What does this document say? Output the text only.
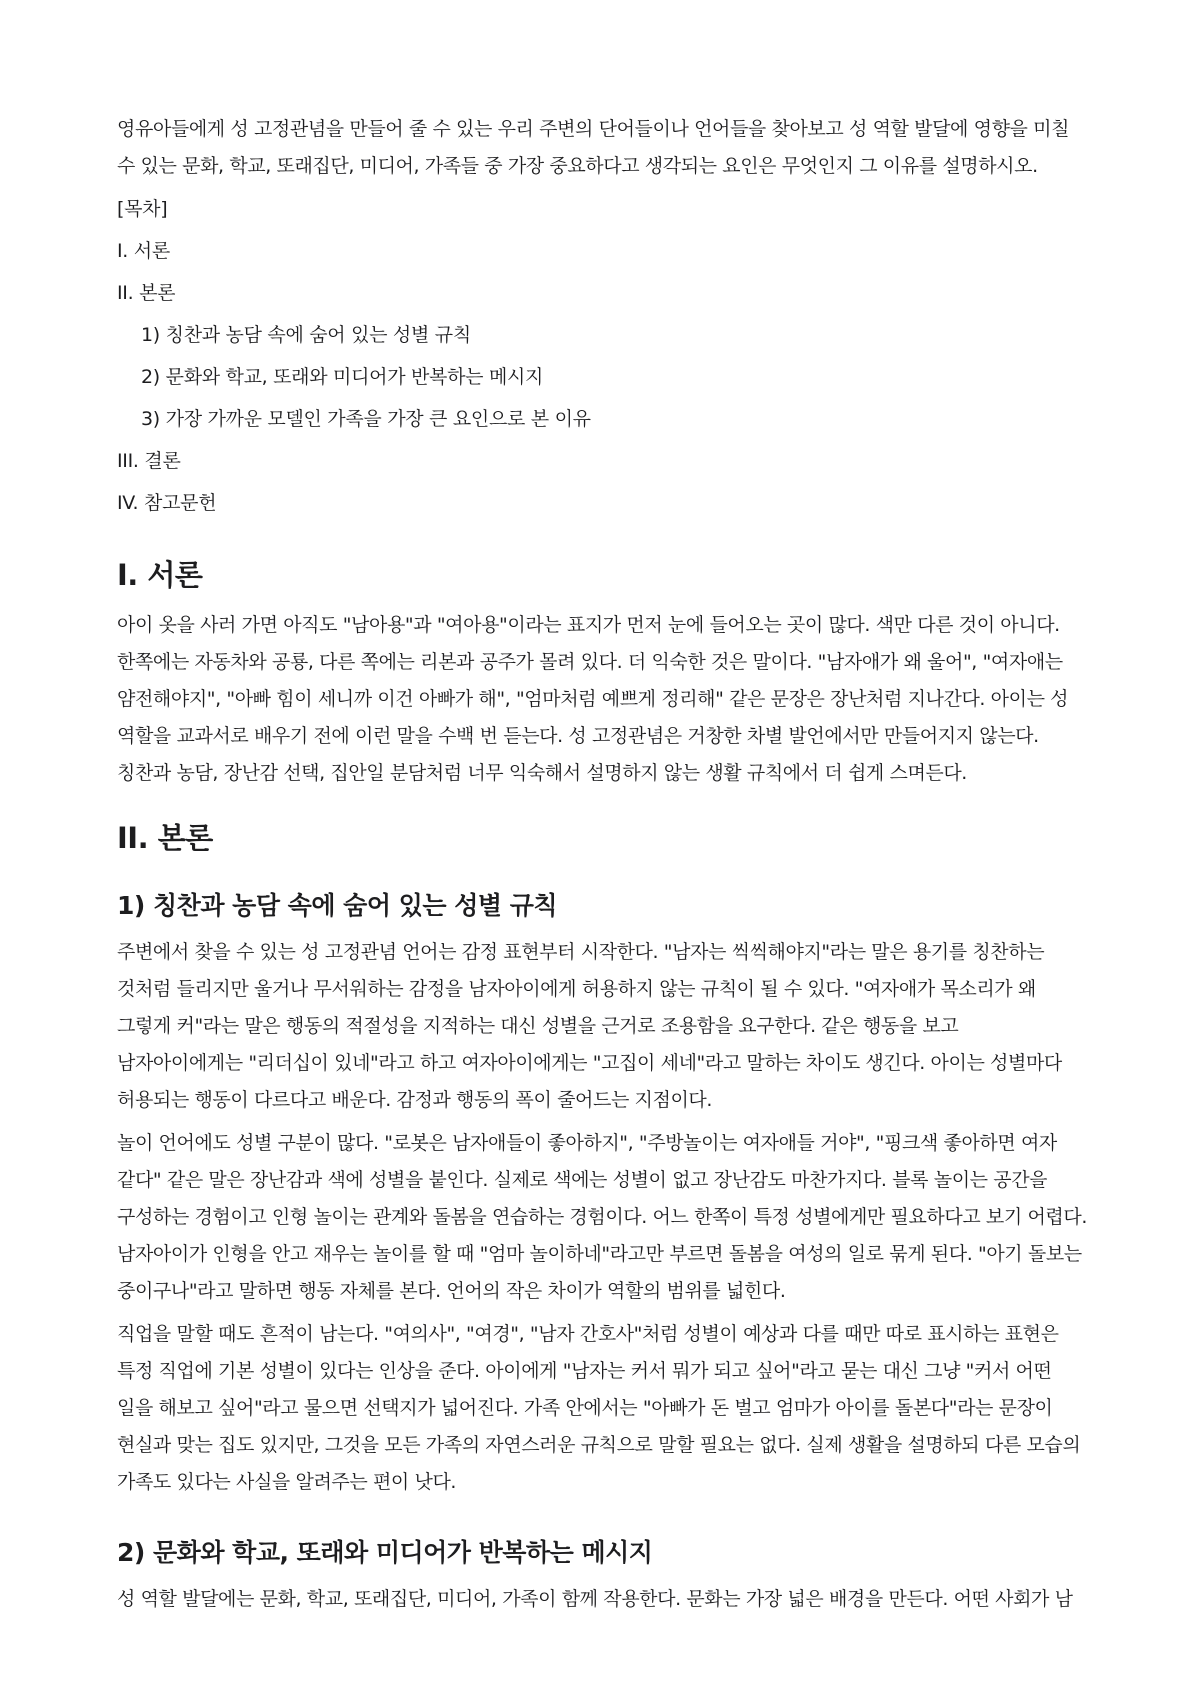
영유아들에게 성 고정관념을 만들어 줄 수 있는 우리 주변의 단어들이나 언어들을 찾아보고 성 역할 발달에 영향을 미칠 수 있는 문화, 학교, 또래집단, 미디어, 가족들 중 가장 중요하다고 생각되는 요인은 무엇인지 그 이유를 설명하시오.

[목차]
I. 서론
II. 본론
1) 칭찬과 농담 속에 숨어 있는 성별 규칙
2) 문화와 학교, 또래와 미디어가 반복하는 메시지
3) 가장 가까운 모델인 가족을 가장 큰 요인으로 본 이유
III. 결론
IV. 참고문헌
I. 서론

아이 옷을 사러 가면 아직도 "남아용"과 "여아용"이라는 표지가 먼저 눈에 들어오는 곳이 많다. 색만 다른 것이 아니다. 한쪽에는 자동차와 공룡, 다른 쪽에는 리본과 공주가 몰려 있다. 더 익숙한 것은 말이다. "남자애가 왜 울어", "여자애는 얌전해야지", "아빠 힘이 세니까 이건 아빠가 해", "엄마처럼 예쁘게 정리해" 같은 문장은 장난처럼 지나간다. 아이는 성 역할을 교과서로 배우기 전에 이런 말을 수백 번 듣는다. 성 고정관념은 거창한 차별 발언에서만 만들어지지 않는다. 칭찬과 농담, 장난감 선택, 집안일 분담처럼 너무 익숙해서 설명하지 않는 생활 규칙에서 더 쉽게 스며든다.

II. 본론
1) 칭찬과 농담 속에 숨어 있는 성별 규칙

주변에서 찾을 수 있는 성 고정관념 언어는 감정 표현부터 시작한다. "남자는 씩씩해야지"라는 말은 용기를 칭찬하는 것처럼 들리지만 울거나 무서워하는 감정을 남자아이에게 허용하지 않는 규칙이 될 수 있다. "여자애가 목소리가 왜 그렇게 커"라는 말은 행동의 적절성을 지적하는 대신 성별을 근거로 조용함을 요구한다. 같은 행동을 보고 남자아이에게는 "리더십이 있네"라고 하고 여자아이에게는 "고집이 세네"라고 말하는 차이도 생긴다. 아이는 성별마다 허용되는 행동이 다르다고 배운다. 감정과 행동의 폭이 줄어드는 지점이다.

놀이 언어에도 성별 구분이 많다. "로봇은 남자애들이 좋아하지", "주방놀이는 여자애들 거야", "핑크색 좋아하면 여자 같다" 같은 말은 장난감과 색에 성별을 붙인다. 실제로 색에는 성별이 없고 장난감도 마찬가지다. 블록 놀이는 공간을 구성하는 경험이고 인형 놀이는 관계와 돌봄을 연습하는 경험이다. 어느 한쪽이 특정 성별에게만 필요하다고 보기 어렵다. 남자아이가 인형을 안고 재우는 놀이를 할 때 "엄마 놀이하네"라고만 부르면 돌봄을 여성의 일로 묶게 된다. "아기 돌보는 중이구나"라고 말하면 행동 자체를 본다. 언어의 작은 차이가 역할의 범위를 넓힌다.

직업을 말할 때도 흔적이 남는다. "여의사", "여경", "남자 간호사"처럼 성별이 예상과 다를 때만 따로 표시하는 표현은 특정 직업에 기본 성별이 있다는 인상을 준다. 아이에게 "남자는 커서 뭐가 되고 싶어"라고 묻는 대신 그냥 "커서 어떤 일을 해보고 싶어"라고 물으면 선택지가 넓어진다. 가족 안에서는 "아빠가 돈 벌고 엄마가 아이를 돌본다"라는 문장이 현실과 맞는 집도 있지만, 그것을 모든 가족의 자연스러운 규칙으로 말할 필요는 없다. 실제 생활을 설명하되 다른 모습의 가족도 있다는 사실을 알려주는 편이 낫다.

2) 문화와 학교, 또래와 미디어가 반복하는 메시지

성 역할 발달에는 문화, 학교, 또래집단, 미디어, 가족이 함께 작용한다. 문화는 가장 넓은 배경을 만든다. 어떤 사회가 남
